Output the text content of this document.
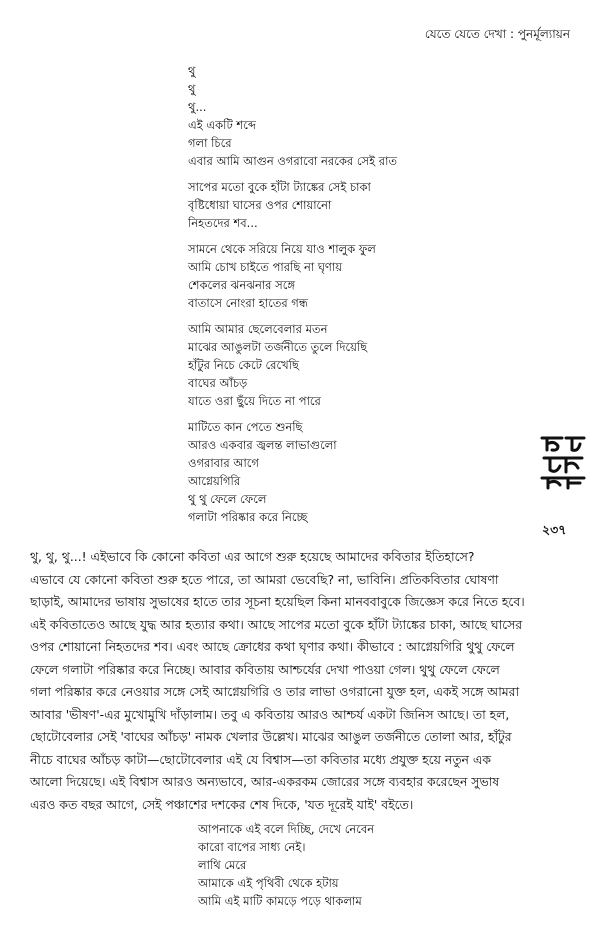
যেতে যেতে দেখা : পুনর্মূল্যায়ন
থু
থু
থু...
এই একটি শব্দে
গলা চিরে
এবার আমি আগুন ওগরাবো নরকের সেই রাত
সাপের মতো বুকে হাঁটা ট্যাঙ্কের সেই চাকা
বৃষ্টিধোয়া ঘাসের ওপর শোয়ানো
নিহতদের শব...
সামনে থেকে সরিয়ে নিয়ে যাও শালুক ফুল
আমি চোখ চাইতে পারছি না ঘৃণায়
শেকলের ঝনঝনার সঙ্গে
বাতাসে নোংরা হাতের গন্ধ
আমি আমার ছেলেবেলার মতন
মাঝের আঙুলটা তর্জনীতে তুলে দিয়েছি
হাঁটুর নিচে কেটে রেখেছি
বাঘের আঁচড়
যাতে ওরা ছুঁয়ে দিতে না পারে
মাটিতে কান পেতে শুনছি
আরও একবার জ্বলন্ত লাভাগুলো
ওগরাবার আগে
আগ্নেয়গিরি
থু থু ফেলে ফেলে
গলাটা পরিষ্কার করে নিচ্ছে
২৩৭
থু, থু, থু...! এইভাবে কি কোনো কবিতা এর আগে শুরু হয়েছে আমাদের কবিতার ইতিহাসে?
এভাবে যে কোনো কবিতা শুরু হতে পারে, তা আমরা ভেবেছি? না, ভাবিনি। প্রতিকবিতার ঘোষণা
ছাড়াই, আমাদের ভাষায় সুভাষের হাতে তার সূচনা হয়েছিল কিনা মানববাবুকে জিজ্ঞেস করে নিতে হবে।
এই কবিতাতেও আছে যুদ্ধ আর হত্যার কথা। আছে সাপের মতো বুকে হাঁটা ট্যাঙ্কের চাকা, আছে ঘাসের
ওপর শোয়ানো নিহতদের শব। এবং আছে ক্রোধের কথা ঘৃণার কথা। কীভাবে : আগ্নেয়গিরি থুথু ফেলে
ফেলে গলাটা পরিষ্কার করে নিচ্ছে। আবার কবিতায় আশ্চর্যের দেখা পাওয়া গেল। থুথু ফেলে ফেলে
গলা পরিষ্কার করে নেওয়ার সঙ্গে সেই আগ্নেয়গিরি ও তার লাভা ওগরানো যুক্ত হল, একই সঙ্গে আমরা
আবার 'ভীষণ'-এর মুখোমুখি দাঁড়ালাম। তবু এ কবিতায় আরও আশ্চর্য একটা জিনিস আছে। তা হল,
ছোটোবেলার সেই 'বাঘের আঁচড়' নামক খেলার উল্লেখ। মাঝের আঙুল তর্জনীতে তোলা আর, হাঁটুর
নীচে বাঘের আঁচড় কাটা—ছোটোবেলার এই যে বিশ্বাস—তা কবিতার মধ্যে প্রযুক্ত হয়ে নতুন এক
আলো দিয়েছে। এই বিশ্বাস আরও অন্যভাবে, আর-একরকম জোরের সঙ্গে ব্যবহার করেছেন সুভাষ
এরও কত বছর আগে, সেই পঞ্চাশের দশকের শেষ দিকে, 'যত দূরেই যাই' বইতে।
আপনাকে এই বলে দিচ্ছি, দেখে নেবেন
কারো বাপের সাধ্য নেই।
লাথি মেরে
আমাকে এই পৃথিবী থেকে হটায়
আমি এই মাটি কামড়ে পড়ে থাকলাম
